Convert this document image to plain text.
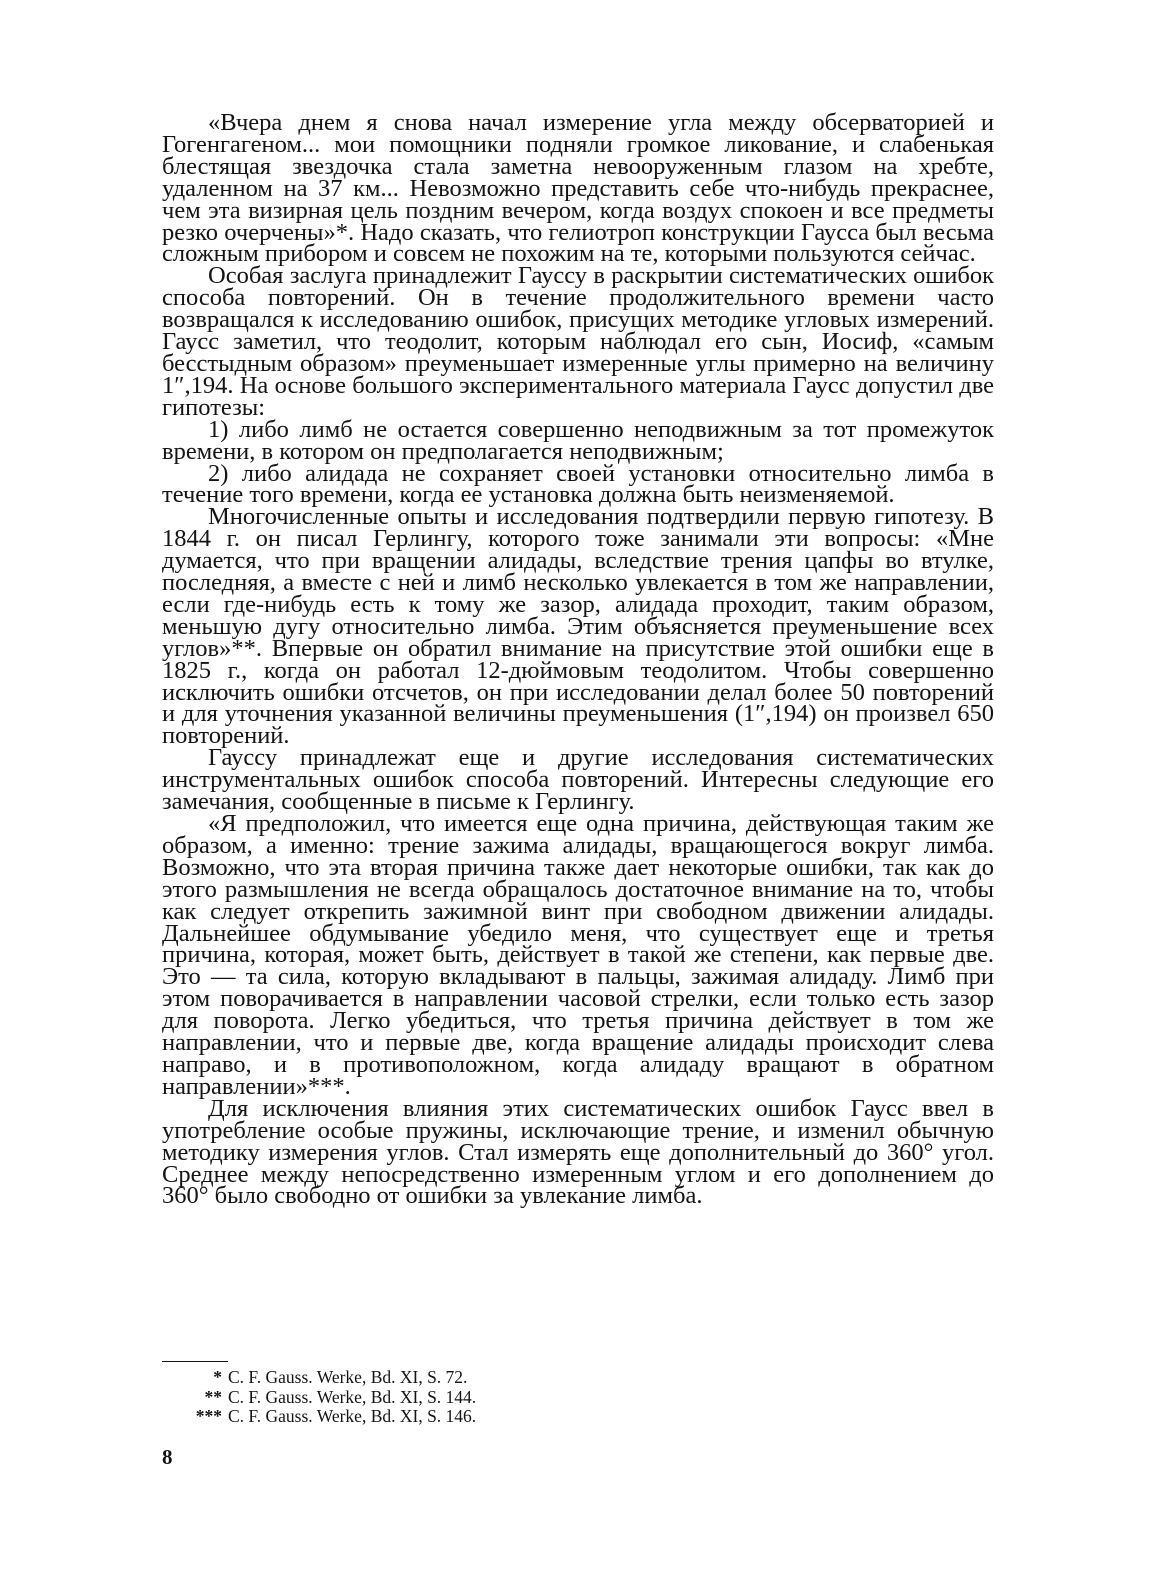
«Вчера днем я снова начал измерение угла между обсерваторией и Гогенгагеном... мои помощники подняли громкое ликование, и слабенькая блестящая звездочка стала заметна невооруженным глазом на хребте, удаленном на 37 км... Невозможно представить себе что-нибудь прекраснее, чем эта визирная цель поздним вечером, когда воздух спокоен и все предметы резко очерчены»*. Надо сказать, что гелиотроп конструкции Гаусса был весьма сложным прибором и совсем не похожим на те, которыми пользуются сейчас.

Особая заслуга принадлежит Гауссу в раскрытии систематических ошибок способа повторений. Он в течение продолжительного времени часто возвращался к исследованию ошибок, присущих методике угловых измерений. Гаусс заметил, что теодолит, которым наблюдал его сын, Иосиф, «самым бесстыдным образом» преуменьшает измеренные углы примерно на величину 1″,194. На основе большого экспериментального материала Гаусс допустил две гипотезы:

1) либо лимб не остается совершенно неподвижным за тот промежуток времени, в котором он предполагается неподвижным;

2) либо алидада не сохраняет своей установки относительно лимба в течение того времени, когда ее установка должна быть неизменяемой.

Многочисленные опыты и исследования подтвердили первую гипотезу. В 1844 г. он писал Герлингу, которого тоже занимали эти вопросы: «Мне думается, что при вращении алидады, вследствие трения цапфы во втулке, последняя, а вместе с ней и лимб несколько увлекается в том же направлении, если где-нибудь есть к тому же зазор, алидада проходит, таким образом, меньшую дугу относительно лимба. Этим объясняется преуменьшение всех углов»**. Впервые он обратил внимание на присутствие этой ошибки еще в 1825 г., когда он работал 12-дюймовым теодолитом. Чтобы совершенно исключить ошибки отсчетов, он при исследовании делал более 50 повторений и для уточнения указанной величины преуменьшения (1″,194) он произвел 650 повторений.

Гауссу принадлежат еще и другие исследования систематических инструментальных ошибок способа повторений. Интересны следующие его замечания, сообщенные в письме к Герлингу.

«Я предположил, что имеется еще одна причина, действующая таким же образом, а именно: трение зажима алидады, вращающегося вокруг лимба. Возможно, что эта вторая причина также дает некоторые ошибки, так как до этого размышления не всегда обращалось достаточное внимание на то, чтобы как следует открепить зажимной винт при свободном движении алидады. Дальнейшее обдумывание убедило меня, что существует еще и третья причина, которая, может быть, действует в такой же степени, как первые две. Это — та сила, которую вкладывают в пальцы, зажимая алидаду. Лимб при этом поворачивается в направлении часовой стрелки, если только есть зазор для поворота. Легко убедиться, что третья причина действует в том же направлении, что и первые две, когда вращение алидады происходит слева направо, и в противоположном, когда алидаду вращают в обратном направлении»***.

Для исключения влияния этих систематических ошибок Гаусс ввел в употребление особые пружины, исключающие трение, и изменил обычную методику измерения углов. Стал измерять еще дополнительный до 360° угол. Среднее между непосредственно измеренным углом и его дополнением до 360° было свободно от ошибки за увлекание лимба.

* C. F. Gauss. Werke, Bd. XI, S. 72.
** C. F. Gauss. Werke, Bd. XI, S. 144.
*** C. F. Gauss. Werke, Bd. XI, S. 146.
8
